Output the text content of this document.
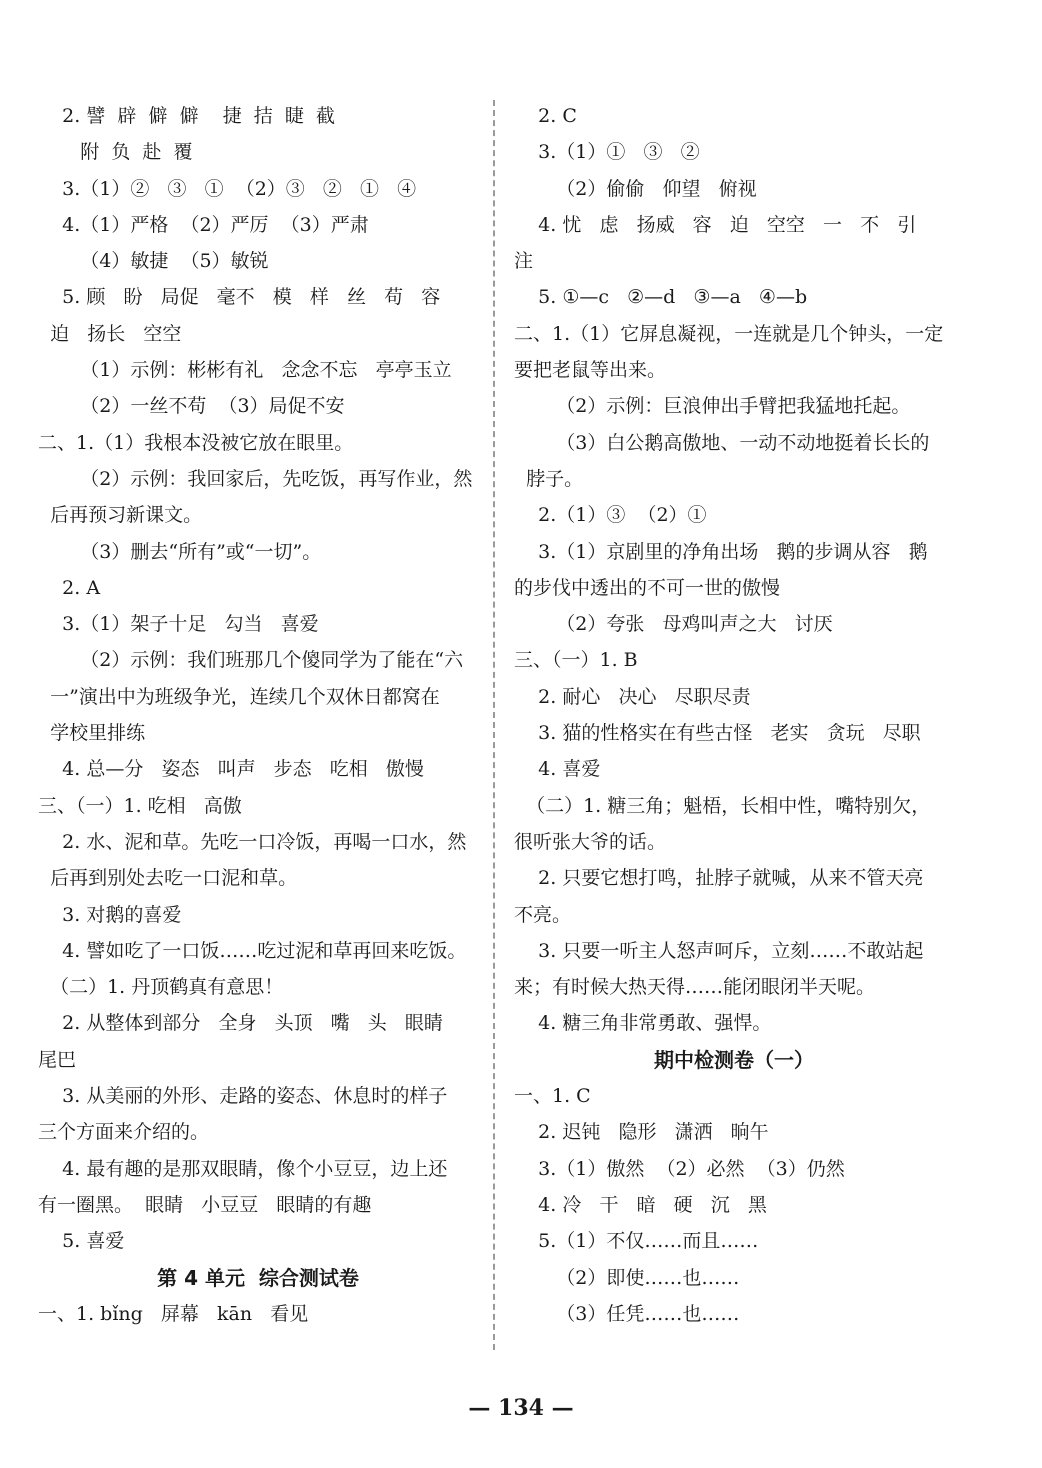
2. 譬  辟  僻  僻    捷  拮  睫  截
附  负  赴  覆
3.（1）②   ③   ①  （2）③   ②   ①   ④
4.（1）严格  （2）严厉  （3）严肃
（4）敏捷  （5）敏锐
5. 顾   盼   局促   毫不   模   样   丝   苟   容
迫   扬长   空空
（1）示例：彬彬有礼   念念不忘   亭亭玉立
（2）一丝不苟  （3）局促不安
二、1.（1）我根本没被它放在眼里。
（2）示例：我回家后，先吃饭，再写作业，然
后再预习新课文。
（3）删去“所有”或“一切”。
2. A
3.（1）架子十足   勾当   喜爱
（2）示例：我们班那几个傻同学为了能在“六
一”演出中为班级争光，连续几个双休日都窝在
学校里排练
4. 总—分   姿态   叫声   步态   吃相   傲慢
三、（一）1. 吃相   高傲
2. 水、泥和草。先吃一口冷饭，再喝一口水，然
后再到别处去吃一口泥和草。
3. 对鹅的喜爱
4. 譬如吃了一口饭……吃过泥和草再回来吃饭。
（二）1. 丹顶鹤真有意思！
2. 从整体到部分   全身   头顶   嘴   头   眼睛
尾巴
3. 从美丽的外形、走路的姿态、休息时的样子
三个方面来介绍的。
4. 最有趣的是那双眼睛，像个小豆豆，边上还
有一圈黑。  眼睛   小豆豆   眼睛的有趣
5. 喜爱
第 4 单元  综合测试卷
一、1. bǐng   屏幕   kān   看见
2. C
3.（1）①   ③   ②
（2）偷偷   仰望   俯视
4. 忧   虑   扬威   容   迫   空空   一   不   引
注
5. ①—c   ②—d   ③—a   ④—b
二、1.（1）它屏息凝视，一连就是几个钟头，一定
要把老鼠等出来。
（2）示例：巨浪伸出手臂把我猛地托起。
（3）白公鹅高傲地、一动不动地挺着长长的
脖子。
2.（1）③  （2）①
3.（1）京剧里的净角出场   鹅的步调从容   鹅
的步伐中透出的不可一世的傲慢
（2）夸张   母鸡叫声之大   讨厌
三、（一）1. B
2. 耐心   决心   尽职尽责
3. 猫的性格实在有些古怪   老实   贪玩   尽职
4. 喜爱
（二）1. 糖三角；魁梧，长相中性，嘴特别欠，
很听张大爷的话。
2. 只要它想打鸣，扯脖子就喊，从来不管天亮
不亮。
3. 只要一听主人怒声呵斥，立刻……不敢站起
来；有时候大热天得……能闭眼闭半天呢。
4. 糖三角非常勇敢、强悍。
期中检测卷（一）
一、1. C
2. 迟钝   隐形   潇洒   晌午
3.（1）傲然  （2）必然  （3）仍然
4. 冷   干   暗   硬   沉   黑
5.（1）不仅……而且……
（2）即使……也……
（3）任凭……也……
— 134 —
